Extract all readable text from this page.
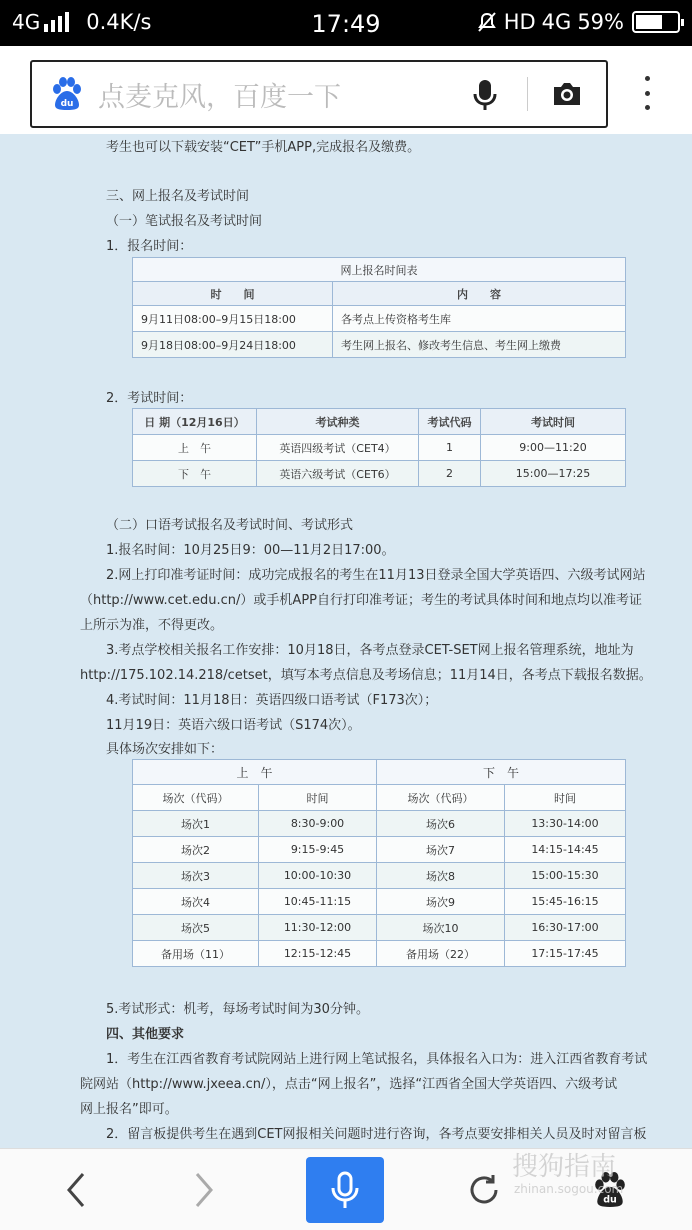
4G 0.4K/s	17:49	HD 4G 59%
du 点麦克风，百度一下
考生也可以下载安装“CET”手机APP,完成报名及缴费。
三、网上报名及考试时间
（一）笔试报名及考试时间
1．报名时间：
网上报名时间表	
时　　间	内　　容
9月11日08:00–9月15日18:00	各考点上传资格考生库
9月18日08:00–9月24日18:00	考生网上报名、修改考生信息、考生网上缴费
2．考试时间：
日 期（12月16日）	考试种类	考试代码	考试时间
上　午	英语四级考试（CET4）	1	9:00—11:20
下　午	英语六级考试（CET6）	2	15:00—17:25
（二）口语考试报名及考试时间、考试形式
1.报名时间：10月25日9：00—11月2日17:00。
2.网上打印准考证时间：成功完成报名的考生在11月13日登录全国大学英语四、六级考试网站
（http://www.cet.edu.cn/）或手机APP自行打印准考证；考生的考试具体时间和地点均以准考证
上所示为准，不得更改。
3.考点学校相关报名工作安排：10月18日，各考点登录CET-SET网上报名管理系统，地址为
http://175.102.14.218/cetset，填写本考点信息及考场信息；11月14日，各考点下载报名数据。
4.考试时间：11月18日：英语四级口语考试（F173次）；
11月19日：英语六级口语考试（S174次）。
具体场次安排如下：
上　午		下　午	
场次（代码）	时间	场次（代码）	时间
场次1	8:30-9:00	场次6	13:30-14:00
场次2	9:15-9:45	场次7	14:15-14:45
场次3	10:00-10:30	场次8	15:00-15:30
场次4	10:45-11:15	场次9	15:45-16:15
场次5	11:30-12:00	场次10	16:30-17:00
备用场（11）	12:15-12:45	备用场（22）	17:15-17:45
5.考试形式：机考，每场考试时间为30分钟。
四、其他要求
1．考生在江西省教育考试院网站上进行网上笔试报名，具体报名入口为：进入江西省教育考试
院网站（http://www.jxeea.cn/），点击“网上报名”，选择“江西省全国大学英语四、六级考试
网上报名”即可。
2．留言板提供考生在遇到CET网报相关问题时进行咨询，各考点要安排相关人员及时对留言板
du
搜狗指南
zhinan.sogou.com
